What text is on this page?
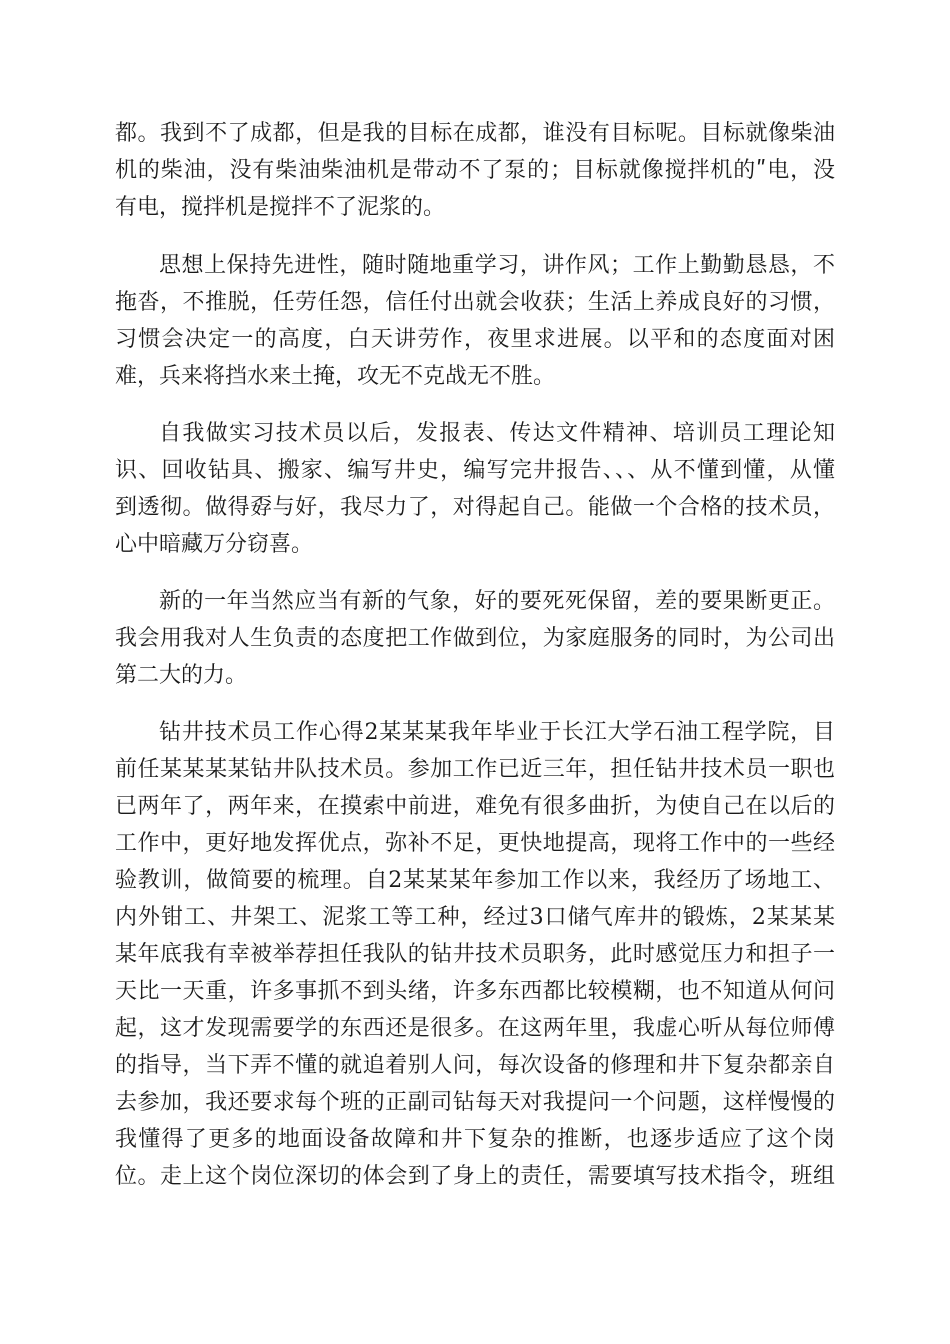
都。我到不了成都，但是我的目标在成都，谁没有目标呢。目标就像柴油
机的柴油，没有柴油柴油机是带动不了泵的；目标就像搅拌机的ʺ电，没
有电，搅拌机是搅拌不了泥浆的。
思想上保持先进性，随时随地重学习，讲作风；工作上勤勤恳恳，不
拖沓，不推脱，任劳任怨，信任付出就会收获；生活上养成良好的习惯，
习惯会决定一的高度，白天讲劳作，夜里求进展。以平和的态度面对困
难，兵来将挡水来土掩，攻无不克战无不胜。
自我做实习技术员以后，发报表、传达文件精神、培训员工理论知
识、回收钻具、搬家、编写井史，编写完井报告、、、从不懂到懂，从懂
到透彻。做得孬与好，我尽力了，对得起自己。能做一个合格的技术员，
心中暗藏万分窃喜。
新的一年当然应当有新的气象，好的要死死保留，差的要果断更正。
我会用我对人生负责的态度把工作做到位，为家庭服务的同时，为公司出
第二大的力。
钻井技术员工作心得2某某某我年毕业于长江大学石油工程学院，目
前任某某某某钻井队技术员。参加工作已近三年，担任钻井技术员一职也
已两年了，两年来，在摸索中前进，难免有很多曲折，为使自己在以后的
工作中，更好地发挥优点，弥补不足，更快地提高，现将工作中的一些经
验教训，做简要的梳理。自2某某某年参加工作以来，我经历了场地工、
内外钳工、井架工、泥浆工等工种，经过3口储气库井的锻炼，2某某某
某年底我有幸被举荐担任我队的钻井技术员职务，此时感觉压力和担子一
天比一天重，许多事抓不到头绪，许多东西都比较模糊，也不知道从何问
起，这才发现需要学的东西还是很多。在这两年里，我虚心听从每位师傅
的指导，当下弄不懂的就追着别人问，每次设备的修理和井下复杂都亲自
去参加，我还要求每个班的正副司钻每天对我提问一个问题，这样慢慢的
我懂得了更多的地面设备故障和井下复杂的推断，也逐步适应了这个岗
位。走上这个岗位深切的体会到了身上的责任，需要填写技术指令，班组
